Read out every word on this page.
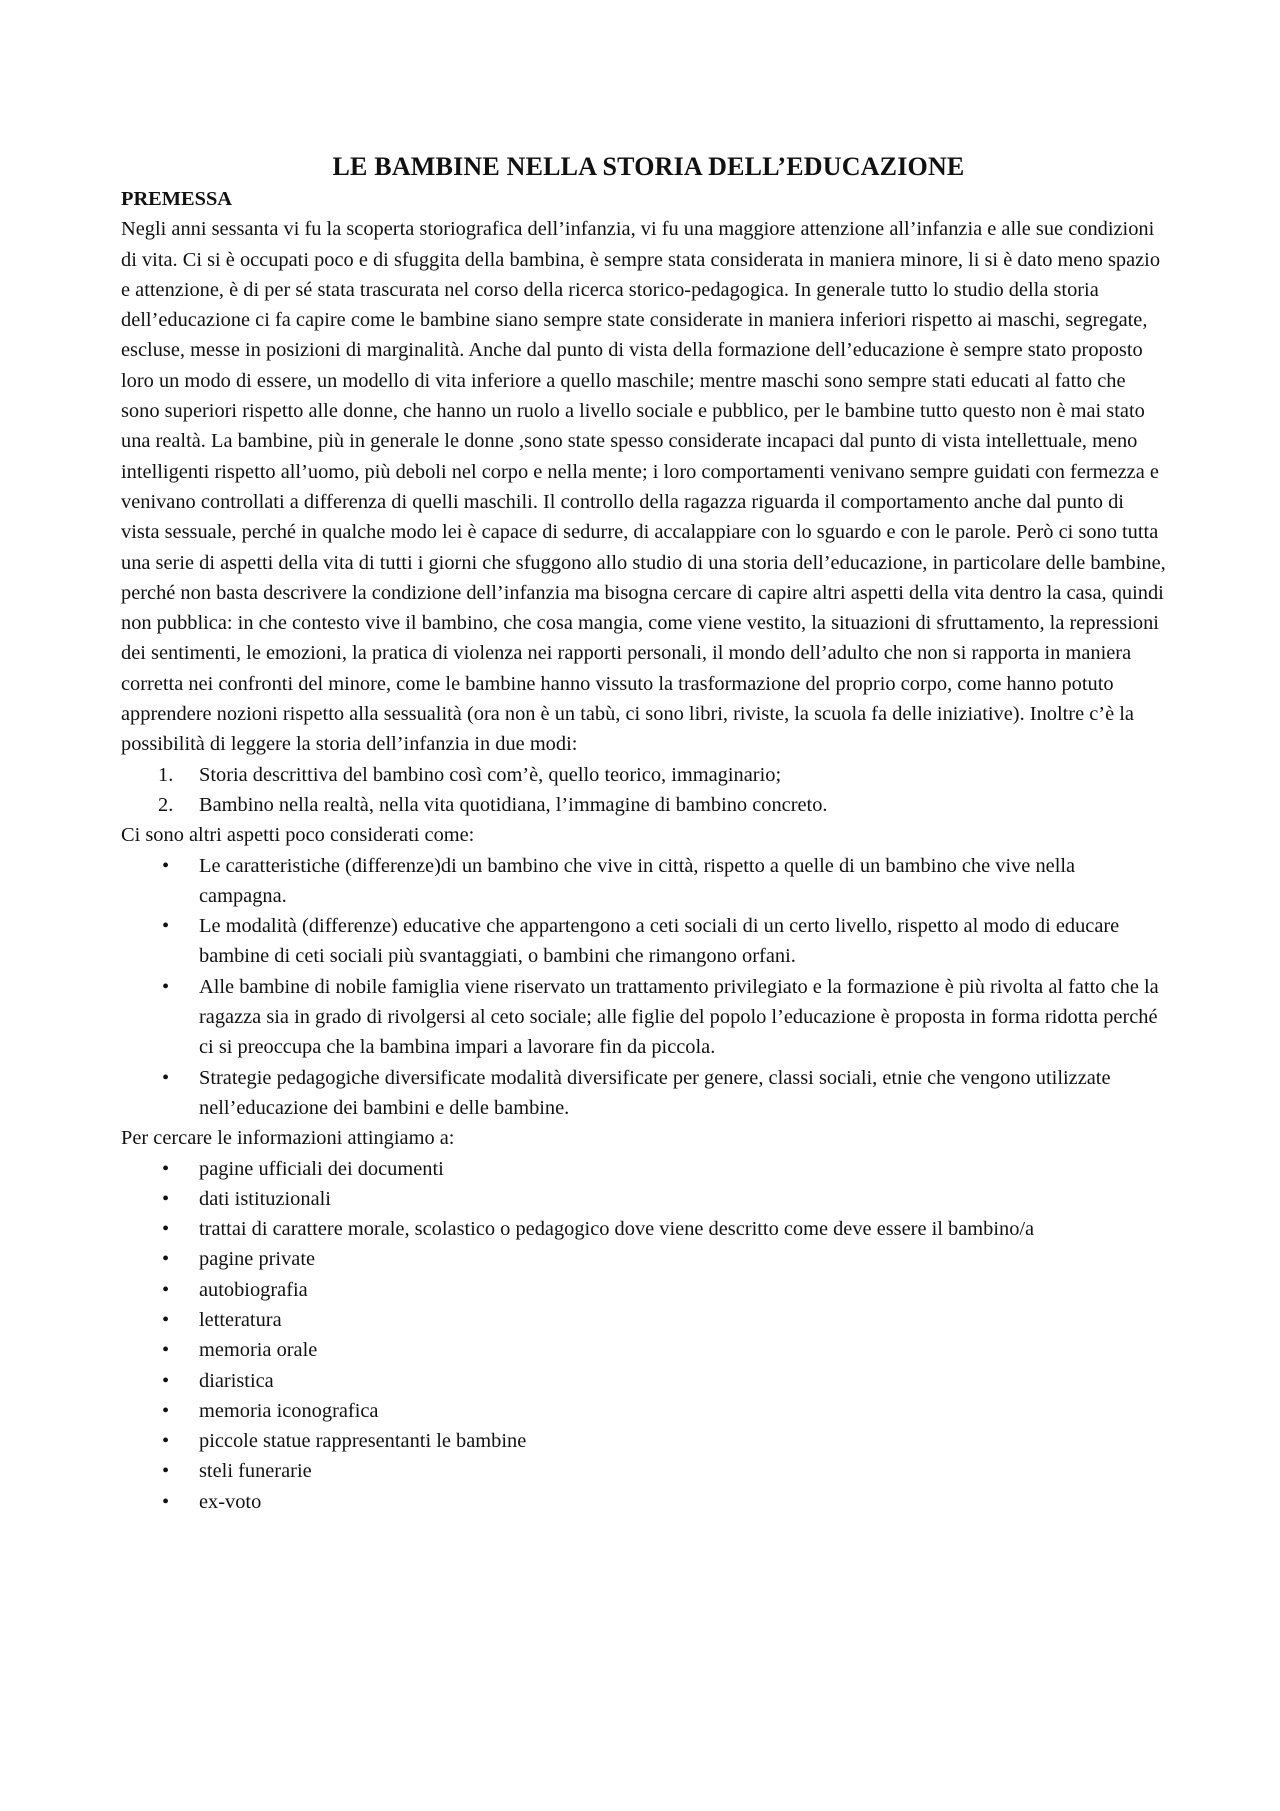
LE BAMBINE NELLA STORIA DELL’EDUCAZIONE

PREMESSA

Negli anni sessanta vi fu la scoperta storiografica dell’infanzia, vi fu una maggiore attenzione all’infanzia e alle sue condizioni di vita. Ci si è occupati poco e di sfuggita della bambina, è sempre stata considerata in maniera minore, li si è dato meno spazio e attenzione, è di per sé stata trascurata nel corso della ricerca storico-pedagogica. In generale tutto lo studio della storia dell’educazione ci fa capire come le bambine siano sempre state considerate in maniera inferiori rispetto ai maschi, segregate, escluse, messe in posizioni di marginalità. Anche dal punto di vista della formazione dell’educazione è sempre stato proposto loro un modo di essere, un modello di vita inferiore a quello maschile; mentre maschi sono sempre stati educati al fatto che sono superiori rispetto alle donne, che hanno un ruolo a livello sociale e pubblico, per le bambine tutto questo non è mai stato una realtà. La bambine, più in generale le donne ,sono state spesso considerate incapaci dal punto di vista intellettuale, meno intelligenti rispetto all’uomo, più deboli nel corpo e nella mente; i loro comportamenti venivano sempre guidati con fermezza e venivano controllati a differenza di quelli maschili. Il controllo della ragazza riguarda il comportamento anche dal punto di vista sessuale, perché in qualche modo lei è capace di sedurre, di accalappiare con lo sguardo e con le parole. Però ci sono tutta una serie di aspetti della vita di tutti i giorni che sfuggono allo studio di una storia dell’educazione, in particolare delle bambine, perché non basta descrivere la condizione dell’infanzia ma bisogna cercare di capire altri aspetti della vita dentro la casa, quindi non pubblica: in che contesto vive il bambino, che cosa mangia, come viene vestito, la situazioni di sfruttamento, la repressioni dei sentimenti, le emozioni, la pratica di violenza nei rapporti personali, il mondo dell’adulto che non si rapporta in maniera corretta nei confronti del minore, come le bambine hanno vissuto la trasformazione del proprio corpo, come hanno potuto apprendere nozioni rispetto alla sessualità (ora non è un tabù, ci sono libri, riviste, la scuola fa delle iniziative). Inoltre c’è la possibilità di leggere la storia dell’infanzia in due modi:

1. Storia descrittiva del bambino così com’è, quello teorico, immaginario;
2. Bambino nella realtà, nella vita quotidiana, l’immagine di bambino concreto.

Ci sono altri aspetti poco considerati come:

• Le caratteristiche (differenze)di un bambino che vive in città, rispetto a quelle di un bambino che vive nella campagna.
• Le modalità (differenze) educative che appartengono a ceti sociali di un certo livello, rispetto al modo di educare bambine di ceti sociali più svantaggiati, o bambini che rimangono orfani.
• Alle bambine di nobile famiglia viene riservato un trattamento privilegiato e la formazione è più rivolta al fatto che la ragazza sia in grado di rivolgersi al ceto sociale; alle figlie del popolo l’educazione è proposta in forma ridotta perché ci si preoccupa che la bambina impari a lavorare fin da piccola.
• Strategie pedagogiche diversificate modalità diversificate per genere, classi sociali, etnie che vengono utilizzate nell’educazione dei bambini e delle bambine.

Per cercare le informazioni attingiamo a:

• pagine ufficiali dei documenti
• dati istituzionali
• trattai di carattere morale, scolastico o pedagogico dove viene descritto come deve essere il bambino/a
• pagine private
• autobiografia
• letteratura
• memoria orale
• diaristica
• memoria iconografica
• piccole statue rappresentanti le bambine
• steli funerarie
• ex-voto
